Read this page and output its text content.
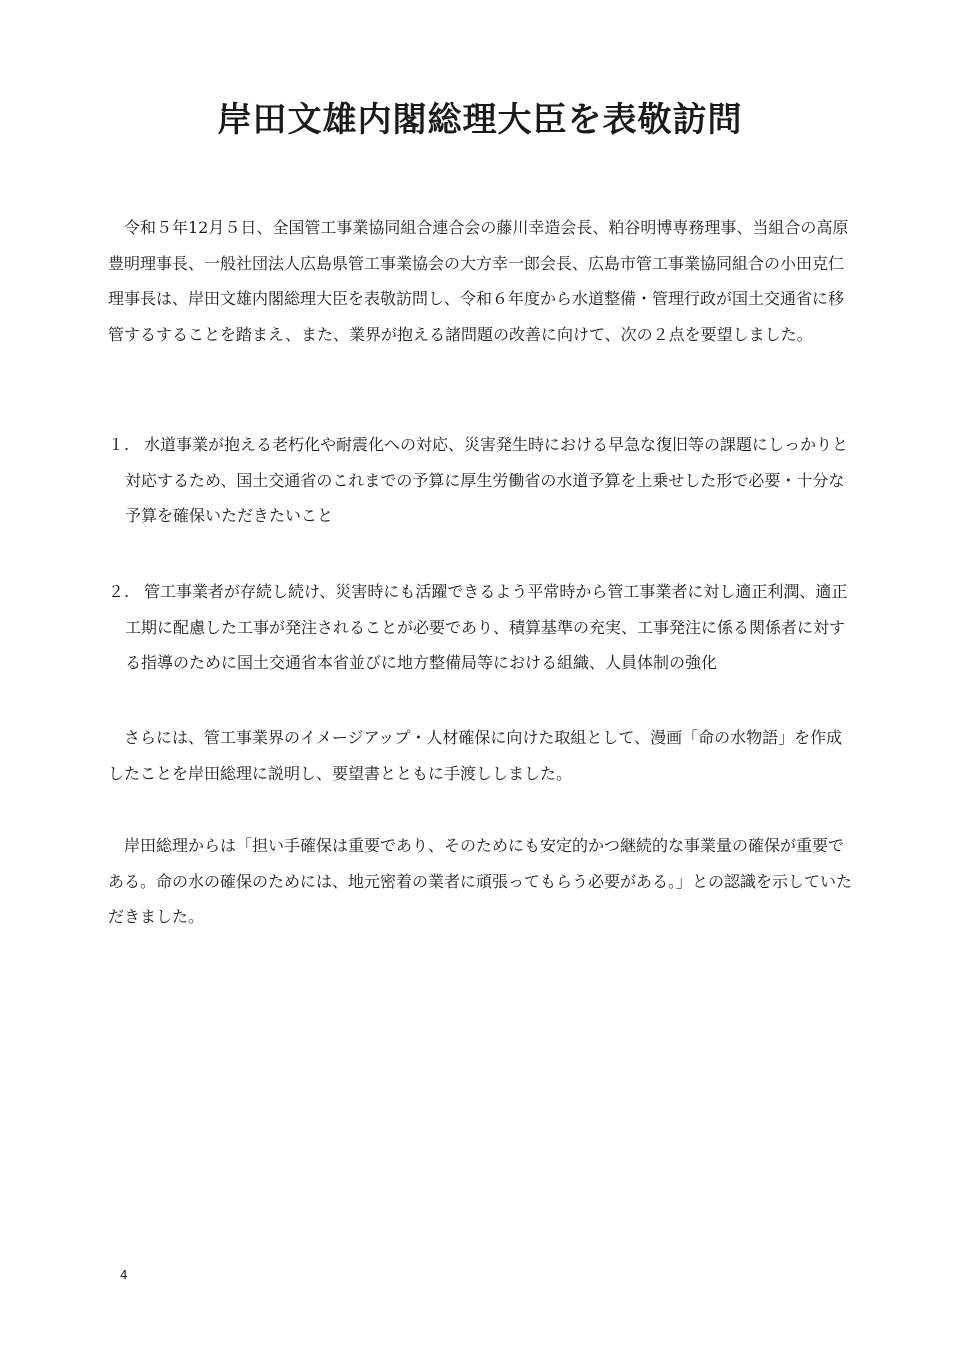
岸田文雄内閣総理大臣を表敬訪問

令和５年12月５日、全国管工事業協同組合連合会の藤川幸造会長、粕谷明博専務理事、当組合の高原豊明理事長、一般社団法人広島県管工事業協会の大方幸一郎会長、広島市管工事業協同組合の小田克仁理事長は、岸田文雄内閣総理大臣を表敬訪問し、令和６年度から水道整備・管理行政が国土交通省に移管するすることを踏まえ、また、業界が抱える諸問題の改善に向けて、次の２点を要望しました。

１. 水道事業が抱える老朽化や耐震化への対応、災害発生時における早急な復旧等の課題にしっかりと対応するため、国土交通省のこれまでの予算に厚生労働省の水道予算を上乗せした形で必要・十分な予算を確保いただきたいこと
２. 管工事業者が存続し続け、災害時にも活躍できるよう平常時から管工事業者に対し適正利潤、適正工期に配慮した工事が発注されることが必要であり、積算基準の充実、工事発注に係る関係者に対する指導のために国土交通省本省並びに地方整備局等における組織、人員体制の強化

さらには、管工事業界のイメージアップ・人材確保に向けた取組として、漫画「命の水物語」を作成したことを岸田総理に説明し、要望書とともに手渡ししました。

岸田総理からは「担い手確保は重要であり、そのためにも安定的かつ継続的な事業量の確保が重要である。命の水の確保のためには、地元密着の業者に頑張ってもらう必要がある。」との認識を示していただきました。

4
